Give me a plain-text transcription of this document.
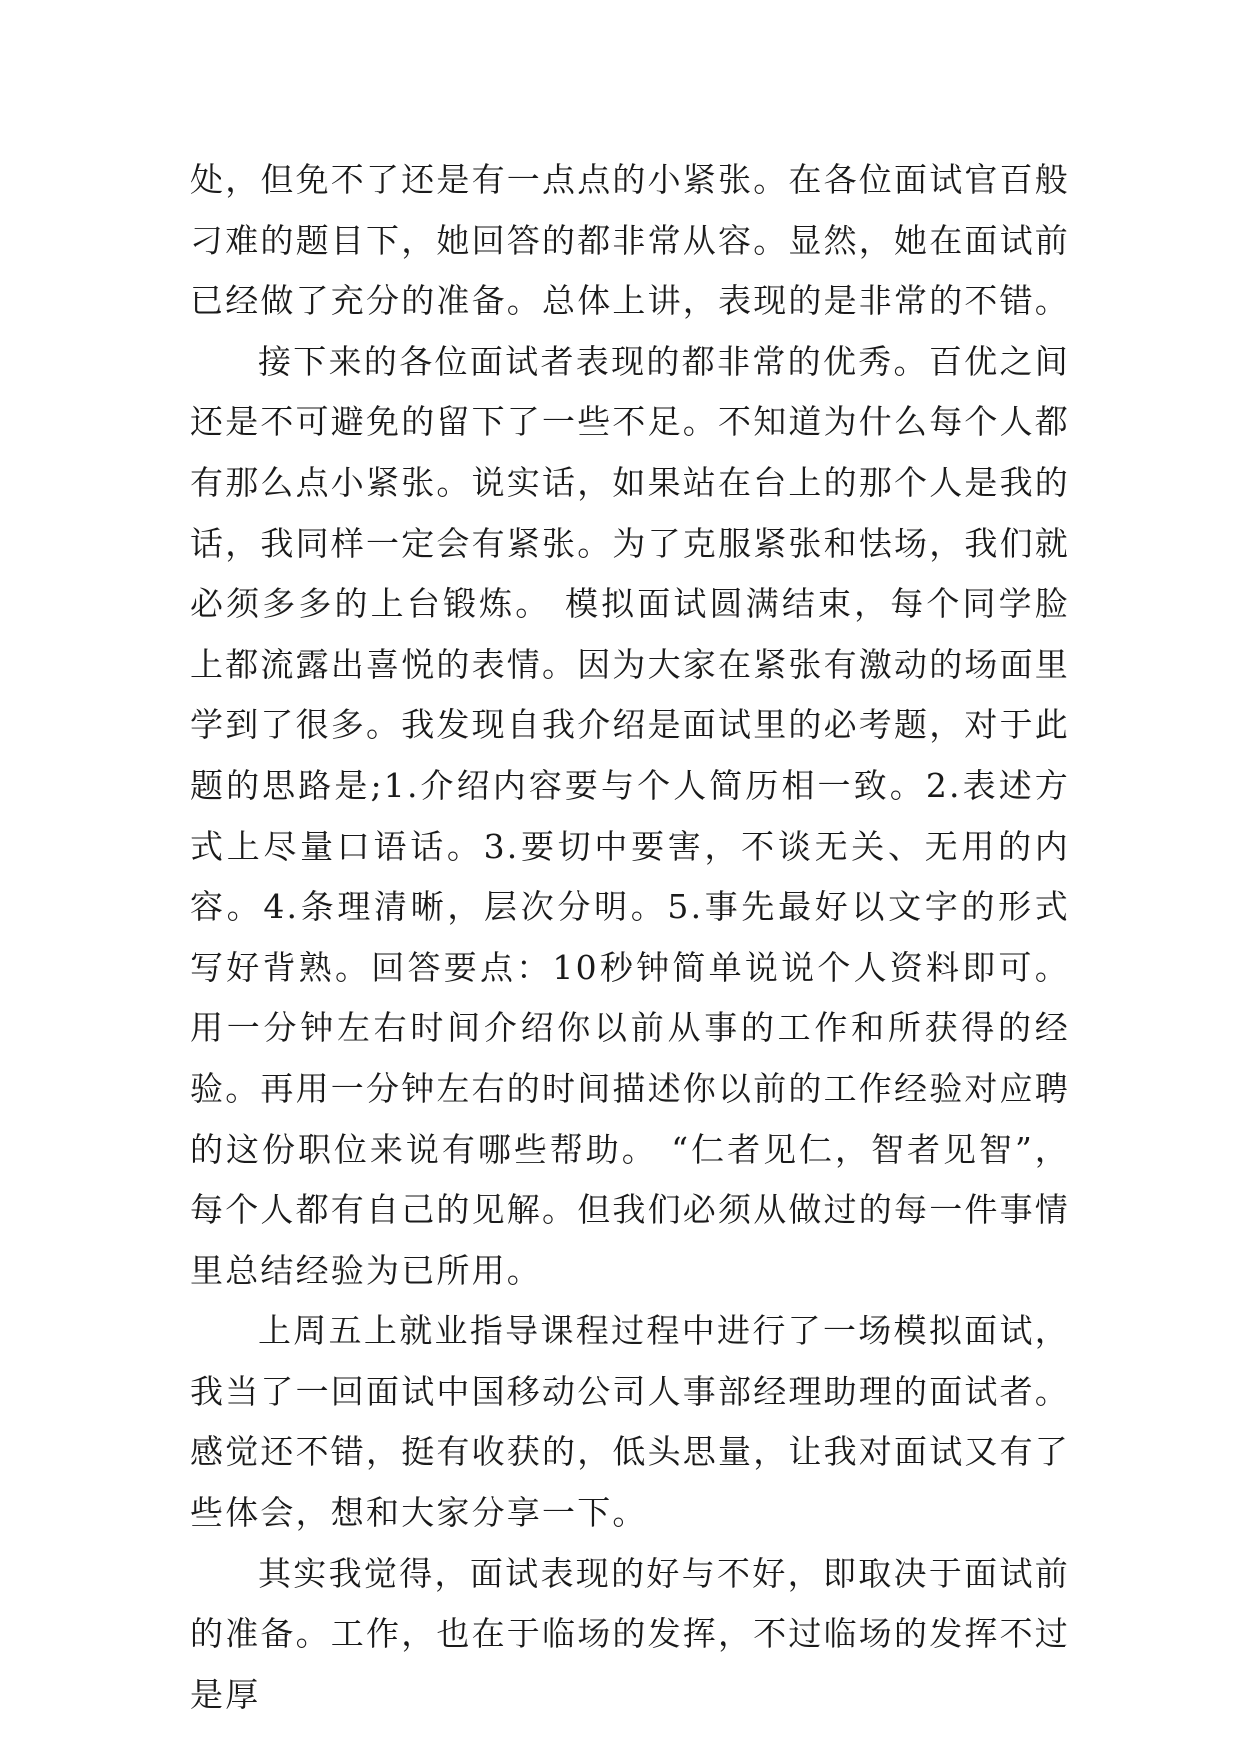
处，但免不了还是有一点点的小紧张。在各位面试官百般刁难的题目下，她回答的都非常从容。显然，她在面试前已经做了充分的准备。总体上讲，表现的是非常的不错。

接下来的各位面试者表现的都非常的优秀。百优之间还是不可避免的留下了一些不足。不知道为什么每个人都有那么点小紧张。说实话，如果站在台上的那个人是我的话，我同样一定会有紧张。为了克服紧张和怯场，我们就必须多多的上台锻炼。 模拟面试圆满结束，每个同学脸上都流露出喜悦的表情。因为大家在紧张有激动的场面里学到了很多。我发现自我介绍是面试里的必考题，对于此题的思路是;1.介绍内容要与个人简历相一致。2.表述方式上尽量口语话。3.要切中要害，不谈无关、无用的内容。4.条理清晰，层次分明。5.事先最好以文字的形式写好背熟。回答要点：10秒钟简单说说个人资料即可。用一分钟左右时间介绍你以前从事的工作和所获得的经验。再用一分钟左右的时间描述你以前的工作经验对应聘的这份职位来说有哪些帮助。 “仁者见仁，智者见智”，每个人都有自己的见解。但我们必须从做过的每一件事情里总结经验为已所用。

上周五上就业指导课程过程中进行了一场模拟面试，我当了一回面试中国移动公司人事部经理助理的面试者。感觉还不错，挺有收获的，低头思量，让我对面试又有了些体会，想和大家分享一下。

其实我觉得，面试表现的好与不好，即取决于面试前的准备。工作，也在于临场的发挥，不过临场的发挥不过是厚
